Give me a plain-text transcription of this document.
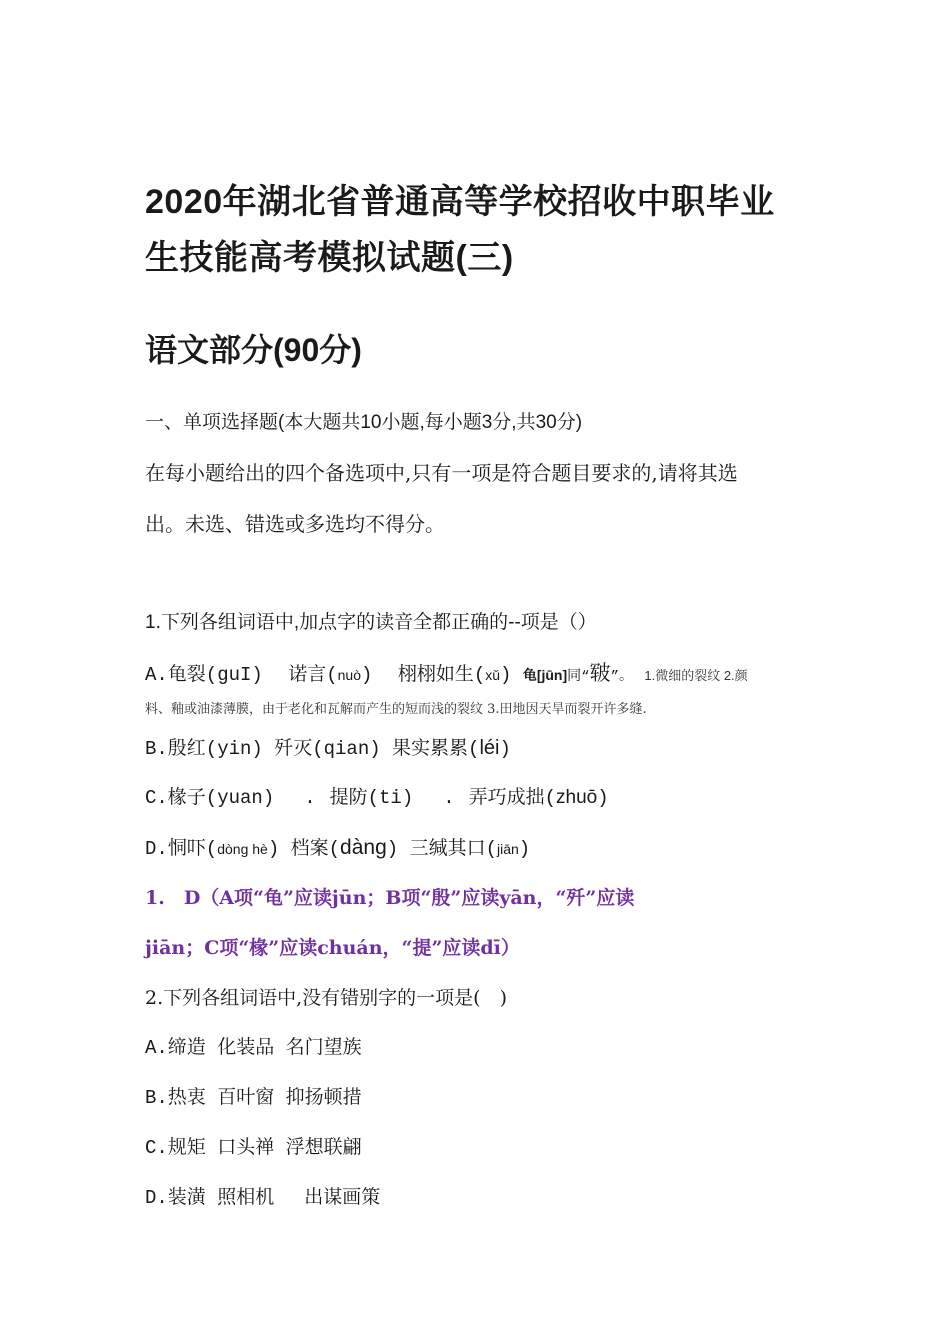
2020年湖北省普通高等学校招收中职毕业
生技能高考模拟试题(三)
语文部分(90分)
一、单项选择题(本大题共10小题,每小题3分,共30分)
在每小题给出的四个备选项中,只有一项是符合题目要求的,请将其选
出。未选、错选或多选均不得分。
1.下列各组词语中,加点字的读音全都正确的--项是（）
A.龟裂(guI) 诺言(nuò) 栩栩如生(xǔ) 龟[jūn]同“皲”。 1.微细的裂纹 2.颜
料、釉或油漆薄膜，由于老化和瓦解而产生的短而浅的裂纹 3.田地因天旱而裂开许多缝.
B.殷红(yin) 歼灭(qian) 果实累累(léi)
C.椽子(yuan) . 提防(ti) . 弄巧成拙(zhuō)
D.恫吓(dòng hè) 档案(dàng) 三缄其口(jiān)
1.　D（A项“龟”应读jūn；B项“殷”应读yān，“歼”应读
jiān；C项“椽”应读chuán，“提”应读dī）
2.下列各组词语中,没有错别字的一项是(　)
A.缔造 化装品 名门望族
B.热衷 百叶窗 抑扬顿措
C.规矩 口头禅 浮想联翩
D.装潢 照相机 出谋画策
